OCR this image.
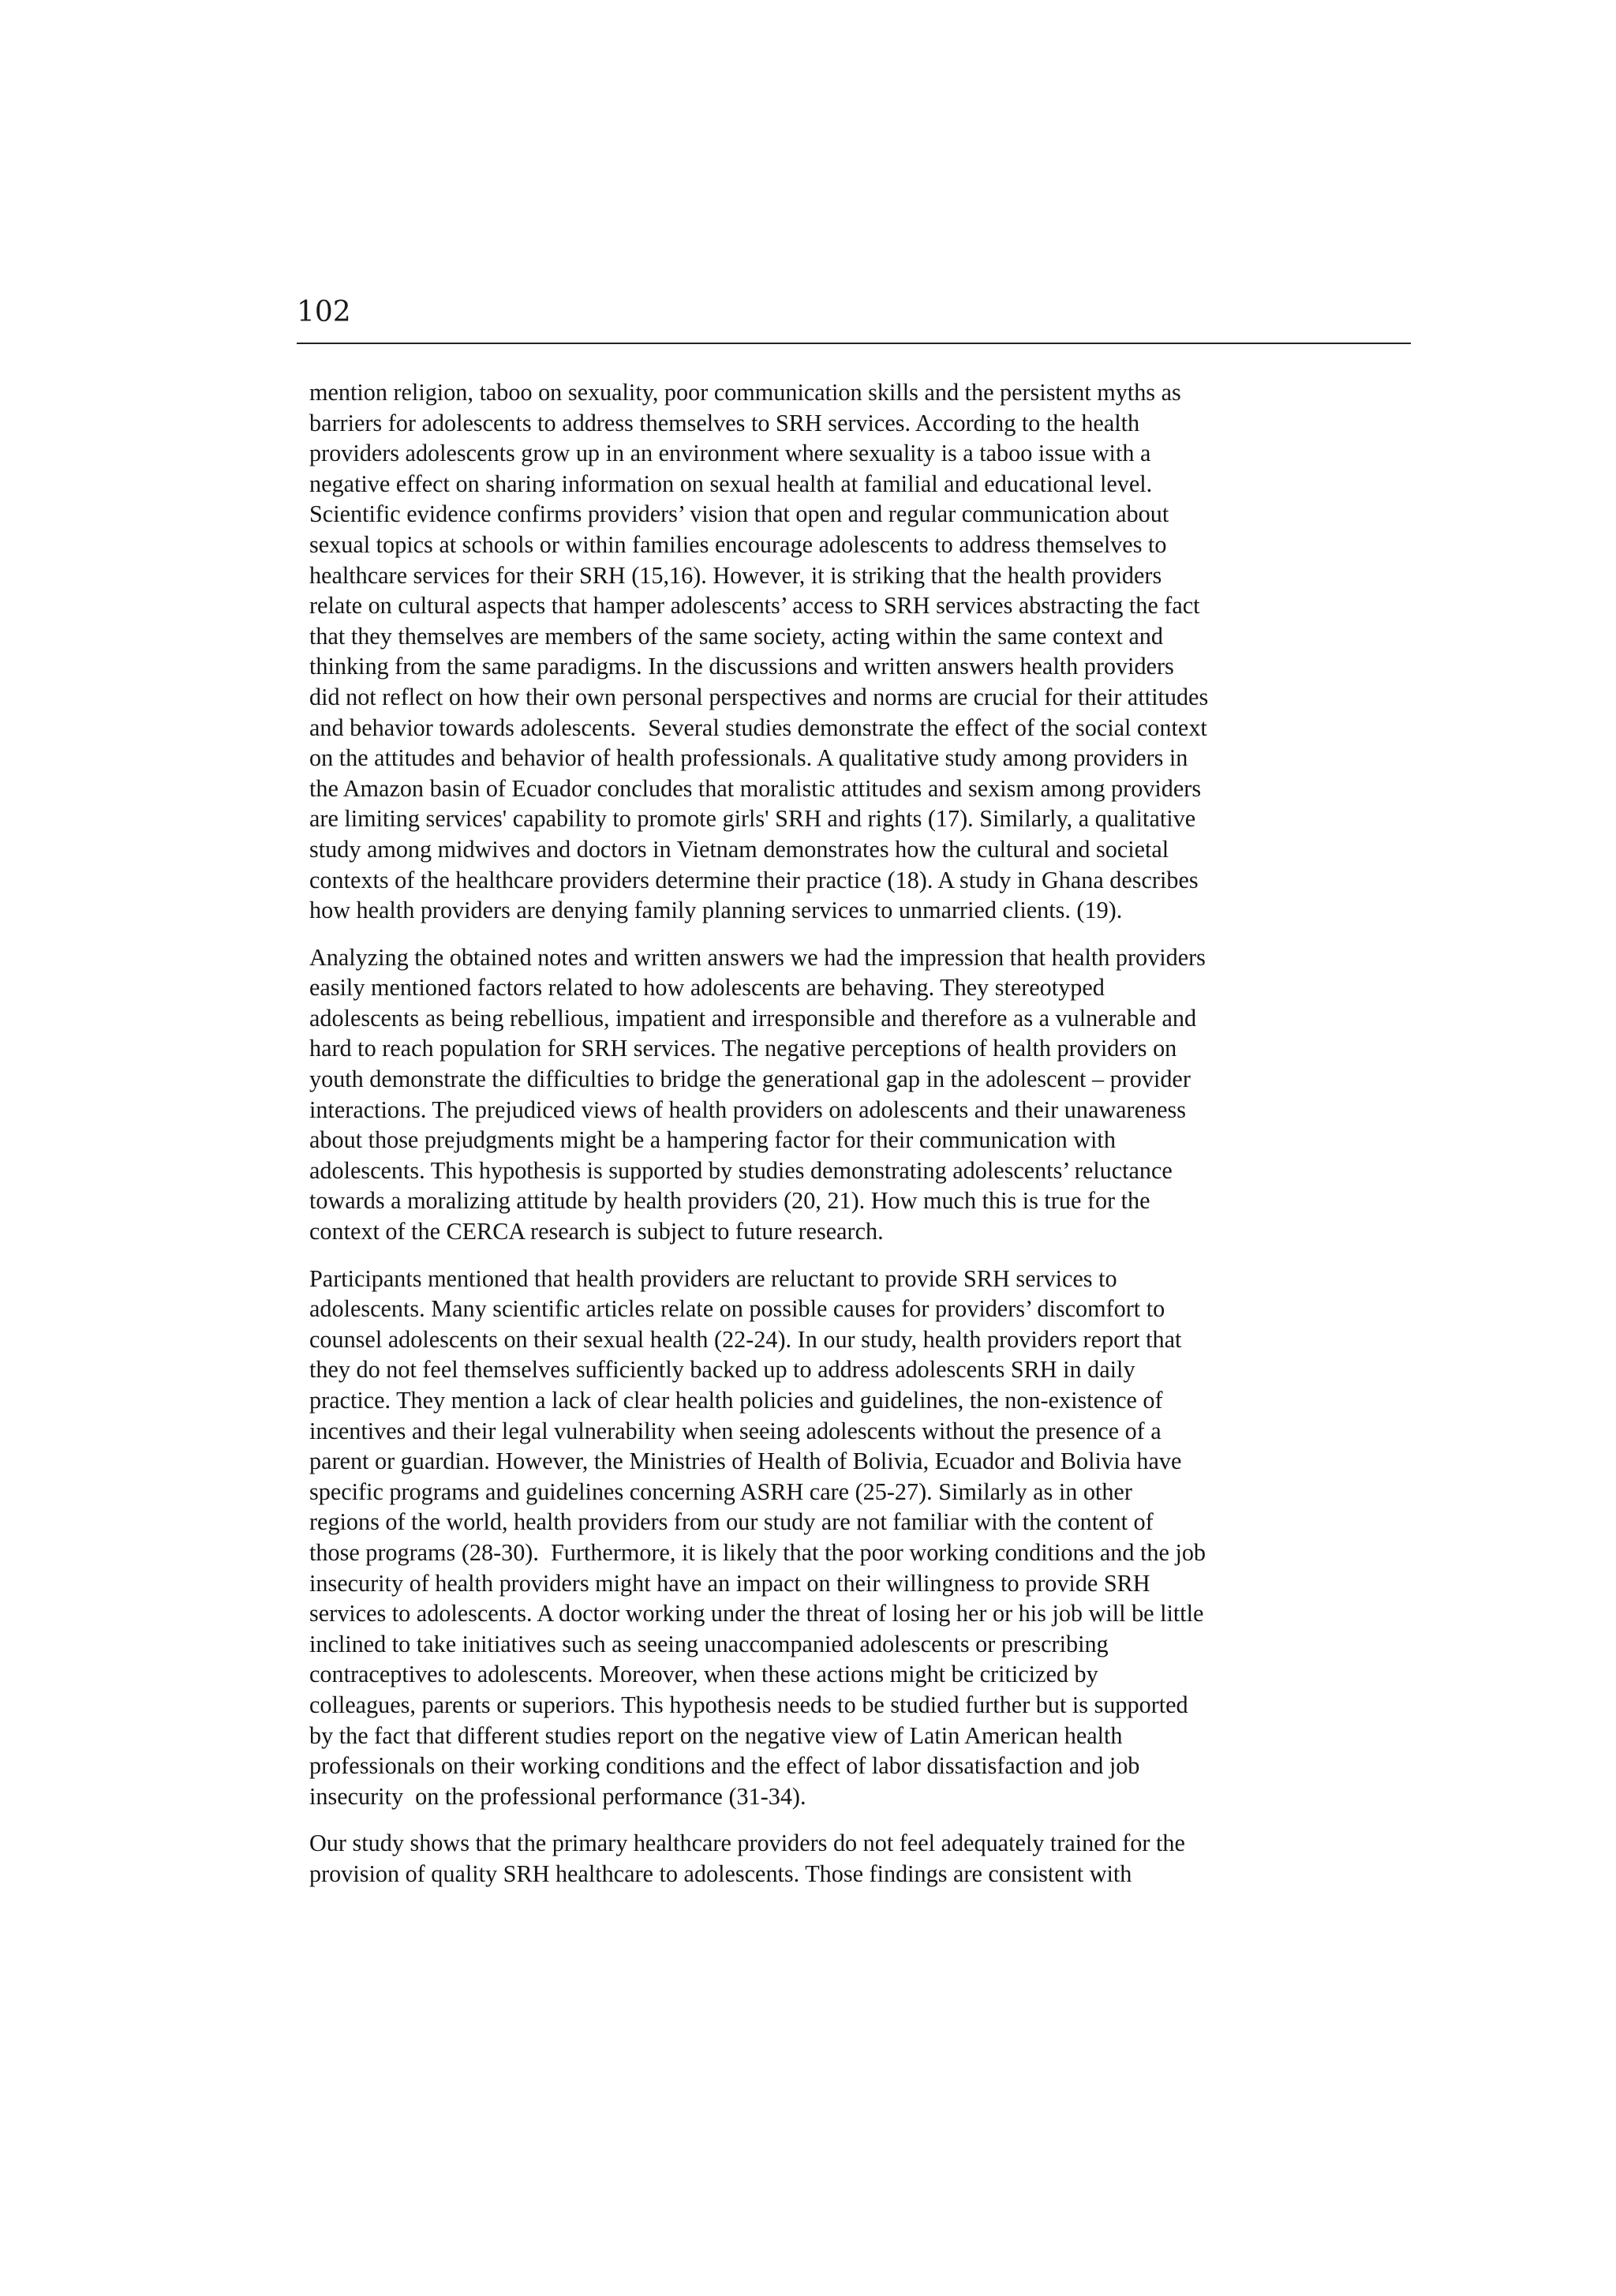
102

mention religion, taboo on sexuality, poor communication skills and the persistent myths as
barriers for adolescents to address themselves to SRH services. According to the health
providers adolescents grow up in an environment where sexuality is a taboo issue with a
negative effect on sharing information on sexual health at familial and educational level.
Scientific evidence confirms providers’ vision that open and regular communication about
sexual topics at schools or within families encourage adolescents to address themselves to
healthcare services for their SRH (15,16). However, it is striking that the health providers
relate on cultural aspects that hamper adolescents’ access to SRH services abstracting the fact
that they themselves are members of the same society, acting within the same context and
thinking from the same paradigms. In the discussions and written answers health providers
did not reflect on how their own personal perspectives and norms are crucial for their attitudes
and behavior towards adolescents.  Several studies demonstrate the effect of the social context
on the attitudes and behavior of health professionals. A qualitative study among providers in
the Amazon basin of Ecuador concludes that moralistic attitudes and sexism among providers
are limiting services' capability to promote girls' SRH and rights (17). Similarly, a qualitative
study among midwives and doctors in Vietnam demonstrates how the cultural and societal
contexts of the healthcare providers determine their practice (18). A study in Ghana describes
how health providers are denying family planning services to unmarried clients. (19).

Analyzing the obtained notes and written answers we had the impression that health providers
easily mentioned factors related to how adolescents are behaving. They stereotyped
adolescents as being rebellious, impatient and irresponsible and therefore as a vulnerable and
hard to reach population for SRH services. The negative perceptions of health providers on
youth demonstrate the difficulties to bridge the generational gap in the adolescent – provider
interactions. The prejudiced views of health providers on adolescents and their unawareness
about those prejudgments might be a hampering factor for their communication with
adolescents. This hypothesis is supported by studies demonstrating adolescents’ reluctance
towards a moralizing attitude by health providers (20, 21). How much this is true for the
context of the CERCA research is subject to future research.

Participants mentioned that health providers are reluctant to provide SRH services to
adolescents. Many scientific articles relate on possible causes for providers’ discomfort to
counsel adolescents on their sexual health (22-24). In our study, health providers report that
they do not feel themselves sufficiently backed up to address adolescents SRH in daily
practice. They mention a lack of clear health policies and guidelines, the non-existence of
incentives and their legal vulnerability when seeing adolescents without the presence of a
parent or guardian. However, the Ministries of Health of Bolivia, Ecuador and Bolivia have
specific programs and guidelines concerning ASRH care (25-27). Similarly as in other
regions of the world, health providers from our study are not familiar with the content of
those programs (28-30).  Furthermore, it is likely that the poor working conditions and the job
insecurity of health providers might have an impact on their willingness to provide SRH
services to adolescents. A doctor working under the threat of losing her or his job will be little
inclined to take initiatives such as seeing unaccompanied adolescents or prescribing
contraceptives to adolescents. Moreover, when these actions might be criticized by
colleagues, parents or superiors. This hypothesis needs to be studied further but is supported
by the fact that different studies report on the negative view of Latin American health
professionals on their working conditions and the effect of labor dissatisfaction and job
insecurity  on the professional performance (31-34).

Our study shows that the primary healthcare providers do not feel adequately trained for the
provision of quality SRH healthcare to adolescents. Those findings are consistent with
